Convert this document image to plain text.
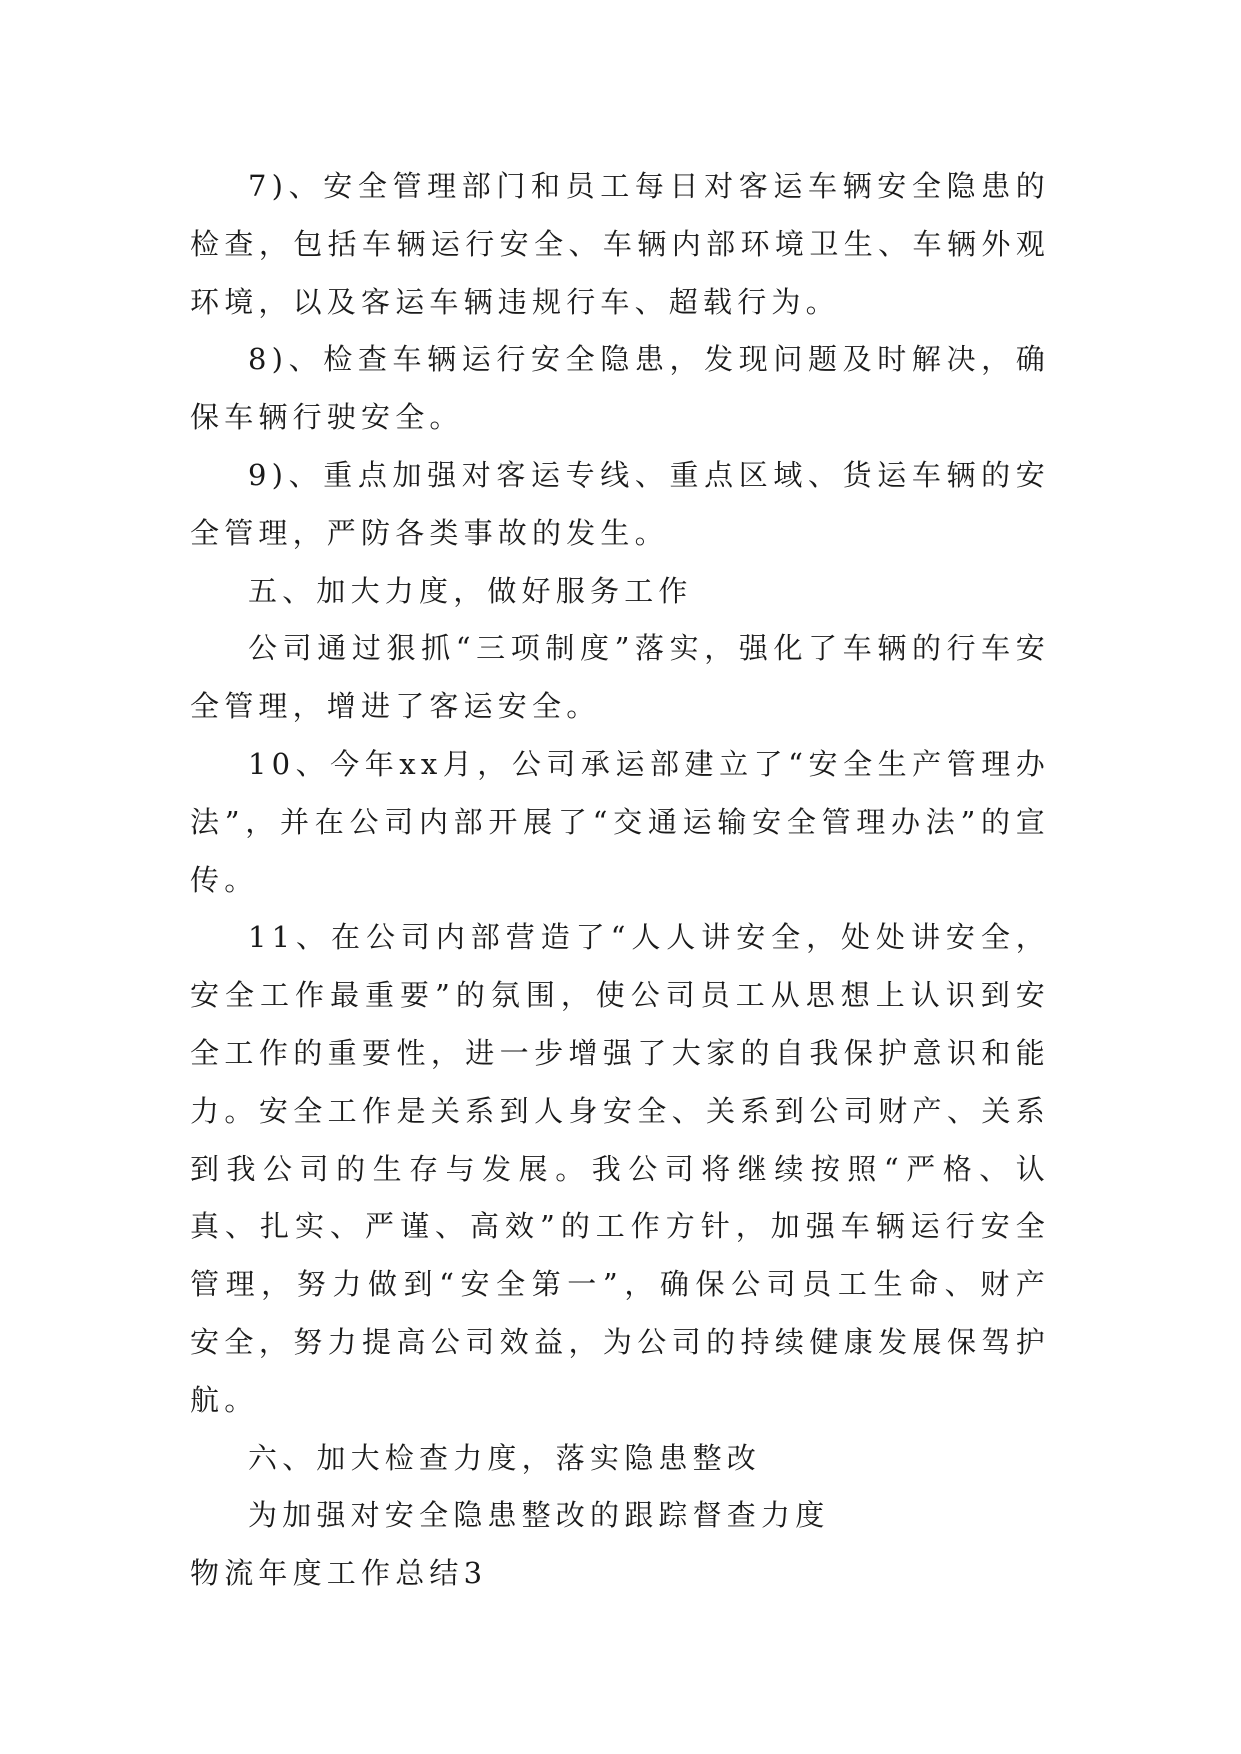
7)、安全管理部门和员工每日对客运车辆安全隐患的检查，包括车辆运行安全、车辆内部环境卫生、车辆外观环境，以及客运车辆违规行车、超载行为。

8)、检查车辆运行安全隐患，发现问题及时解决，确保车辆行驶安全。

9)、重点加强对客运专线、重点区域、货运车辆的安全管理，严防各类事故的发生。

五、加大力度，做好服务工作

公司通过狠抓“三项制度”落实，强化了车辆的行车安全管理，增进了客运安全。

10、今年xx月，公司承运部建立了“安全生产管理办法”，并在公司内部开展了“交通运输安全管理办法”的宣传。

11、在公司内部营造了“人人讲安全，处处讲安全，安全工作最重要”的氛围，使公司员工从思想上认识到安全工作的重要性，进一步增强了大家的自我保护意识和能力。安全工作是关系到人身安全、关系到公司财产、关系到我公司的生存与发展。我公司将继续按照“严格、认真、扎实、严谨、高效”的工作方针，加强车辆运行安全管理，努力做到“安全第一”，确保公司员工生命、财产安全，努力提高公司效益，为公司的持续健康发展保驾护航。

六、加大检查力度，落实隐患整改

为加强对安全隐患整改的跟踪督查力度

物流年度工作总结3
